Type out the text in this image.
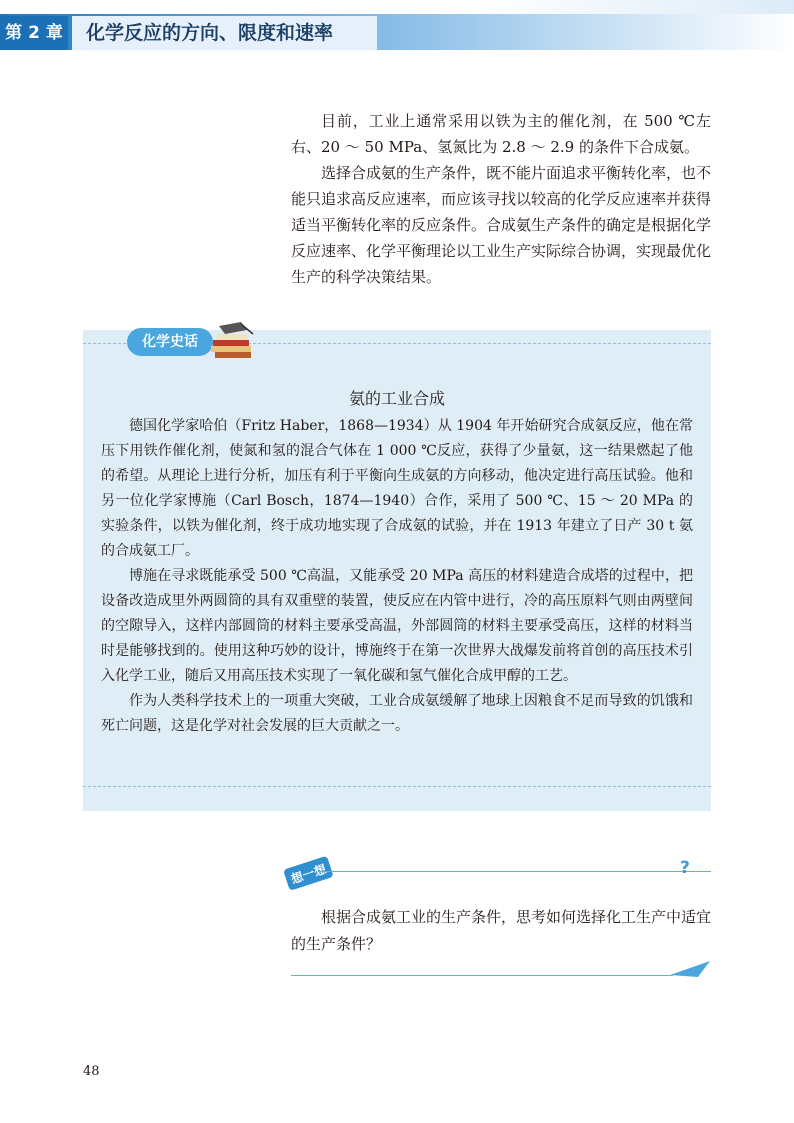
第 2 章	化学反应的方向、限度和速率

目前，工业上通常采用以铁为主的催化剂，在 500 ℃左右、20 ～ 50 MPa、氢氮比为 2.8 ～ 2.9 的条件下合成氨。

选择合成氨的生产条件，既不能片面追求平衡转化率，也不能只追求高反应速率，而应该寻找以较高的化学反应速率并获得适当平衡转化率的反应条件。合成氨生产条件的确定是根据化学反应速率、化学平衡理论以工业生产实际综合协调，实现最优化生产的科学决策结果。

化学史话
氨的工业合成

德国化学家哈伯（Fritz Haber，1868—1934）从 1904 年开始研究合成氨反应，他在常压下用铁作催化剂，使氮和氢的混合气体在 1 000 ℃反应，获得了少量氨，这一结果燃起了他的希望。从理论上进行分析，加压有利于平衡向生成氨的方向移动，他决定进行高压试验。他和另一位化学家博施（Carl Bosch，1874—1940）合作，采用了 500 ℃、15 ～ 20 MPa 的实验条件，以铁为催化剂，终于成功地实现了合成氨的试验，并在 1913 年建立了日产 30 t 氨的合成氨工厂。

博施在寻求既能承受 500 ℃高温，又能承受 20 MPa 高压的材料建造合成塔的过程中，把设备改造成里外两圆筒的具有双重壁的装置，使反应在内管中进行，冷的高压原料气则由两壁间的空隙导入，这样内部圆筒的材料主要承受高温，外部圆筒的材料主要承受高压，这样的材料当时是能够找到的。使用这种巧妙的设计，博施终于在第一次世界大战爆发前将首创的高压技术引入化学工业，随后又用高压技术实现了一氧化碳和氢气催化合成甲醇的工艺。

作为人类科学技术上的一项重大突破，工业合成氨缓解了地球上因粮食不足而导致的饥饿和死亡问题，这是化学对社会发展的巨大贡献之一。

想一想	?

根据合成氨工业的生产条件，思考如何选择化工生产中适宜的生产条件？

48
